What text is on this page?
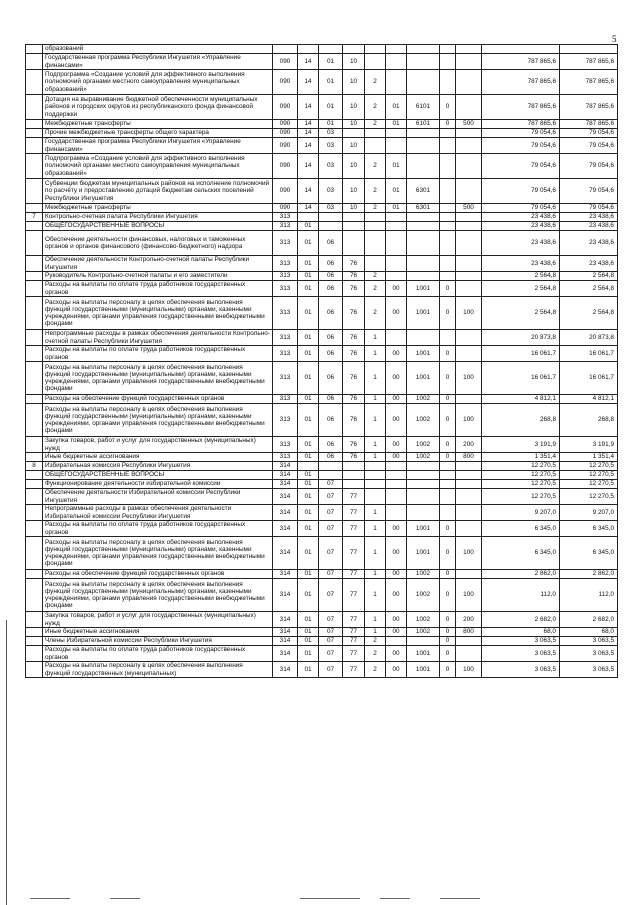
5
	образований											
	Государственная программа Республики Ингушетия «Управление финансами»	090	14	01	10						787 865,6	787 865,6
	Подпрограмма «Создание условий для эффективного выполнения полномочий органами местного самоуправления муниципальных образований»	090	14	01	10	2					787 865,6	787 865,6
	Дотация на выравнивание бюджетной обеспеченности муниципальных районов и городских округов из республиканского фонда финансовой поддержки	090	14	01	10	2	01	6101	0		787 865,6	787 865,6
	Межбюджетные трансферты	090	14	01	10	2	01	6101	0	500	787 865,6	787 865,6
	Прочие межбюджетные трансферты общего характера	090	14	03							79 054,6	79 054,6
	Государственная программа Республики Ингушетия «Управление финансами»	090	14	03	10						79 054,6	79 054,6
	Подпрограмма «Создание условий для эффективного выполнения полномочий органами местного самоуправления муниципальных образований»	090	14	03	10	2	01				79 054,6	79 054,6
	Субвенции бюджетам муниципальных районов на исполнение полномочий по расчёту и предоставлению дотаций бюджетам сельских поселений Республики Ингушетия	090	14	03	10	2	01	6301			79 054,6	79 054,6
	Межбюджетные трансферты	090	14	03	10	2	01	6301		500	79 054,6	79 054,6
7	Контрольно-счетная палата Республики Ингушетия	313									23 438,6	23 438,6
	ОБЩЕГОСУДАРСТВЕННЫЕ ВОПРОСЫ	313	01								23 438,6	23 438,6
	Обеспечение деятельности финансовых, налоговых и таможенных органов и органов финансового (финансово-бюджетного) надзора	313	01	06							23 438,6	23 438,6
	Обеспечение деятельности Контрольно-счетной палаты Республики Ингушетия	313	01	06	76						23 438,6	23 438,6
	Руководитель Контрольно-счетной палаты и его заместители	313	01	06	76	2					2 564,8	2 564,8
	Расходы на выплаты по оплате труда работников государственных органов	313	01	06	76	2	00	1001	0		2 564,8	2 564,8
	Расходы на выплаты персоналу в целях обеспечения выполнения функций государственными (муниципальными) органами, казенными учреждениями, органами управления государственными внебюджетными фондами	313	01	06	76	2	00	1001	0	100	2 564,8	2 564,8
	Непрограммные расходы в рамках обеспечения деятельности Контрольно-счетной палаты Республики Ингушетия	313	01	06	76	1					20 873,8	20 873,8
	Расходы на выплаты по оплате труда работников государственных органов	313	01	06	76	1	00	1001	0		16 061,7	16 061,7
	Расходы на выплаты персоналу в целях обеспечения выполнения функций государственными (муниципальными) органами, казенными учреждениями, органами управления государственными внебюджетными фондами	313	01	06	76	1	00	1001	0	100	16 061,7	16 061,7
	Расходы на обеспечение функций государственных органов	313	01	06	76	1	00	1002	0		4 812,1	4 812,1
	Расходы на выплаты персоналу в целях обеспечения выполнения функций государственными (муниципальными) органами, казенными учреждениями, органами управления государственными внебюджетными фондами	313	01	06	76	1	00	1002	0	100	268,8	268,8
	Закупка товаров, работ и услуг для государственных (муниципальных) нужд	313	01	06	76	1	00	1002	0	200	3 191,9	3 191,9
	Иные бюджетные ассигнования	313	01	06	76	1	00	1002	0	800	1 351,4	1 351,4
8	Избирательная комиссия Республики Ингушетия	314									12 270,5	12 270,5
	ОБЩЕГОСУДАРСТВЕННЫЕ ВОПРОСЫ	314	01								12 270,5	12 270,5
	Функционирование деятельности избирательной комиссии	314	01	07							12 270,5	12 270,5
	Обеспечение деятельности Избирательной комиссии Республики Ингушетия	314	01	07	77						12 270,5	12 270,5
	Непрограммные расходы в рамках обеспечения деятельности Избирательной комиссии Республики Ингушетия	314	01	07	77	1					9 207,0	9 207,0
	Расходы на выплаты по оплате труда работников государственных органов	314	01	07	77	1	00	1001	0		6 345,0	6 345,0
	Расходы на выплаты персоналу в целях обеспечения выполнения функций государственными (муниципальными) органами, казенными учреждениями, органами управления государственными внебюджетными фондами	314	01	07	77	1	00	1001	0	100	6 345,0	6 345,0
	Расходы на обеспечение функций государственных органов	314	01	07	77	1	00	1002	0		2 862,0	2 862,0
	Расходы на выплаты персоналу в целях обеспечения выполнения функций государственными (муниципальными) органами, казенными учреждениями, органами управления государственными внебюджетными фондами	314	01	07	77	1	00	1002	0	100	112,0	112,0
	Закупка товаров, работ и услуг для государственных (муниципальных) нужд	314	01	07	77	1	00	1002	0	200	2 682,0	2 682,0
	Иные бюджетные ассигнования	314	01	07	77	1	00	1002	0	800	68,0	68,0
	Члены Избирательной комиссии Республики Ингушетия	314	01	07	77	2			0		3 063,5	3 063,5
	Расходы на выплаты по оплате труда работников государственных органов	314	01	07	77	2	00	1001	0		3 063,5	3 063,5
	Расходы на выплаты персоналу в целях обеспечения выполнения функций государственных (муниципальных)	314	01	07	77	2	00	1001	0	100	3 063,5	3 063,5
